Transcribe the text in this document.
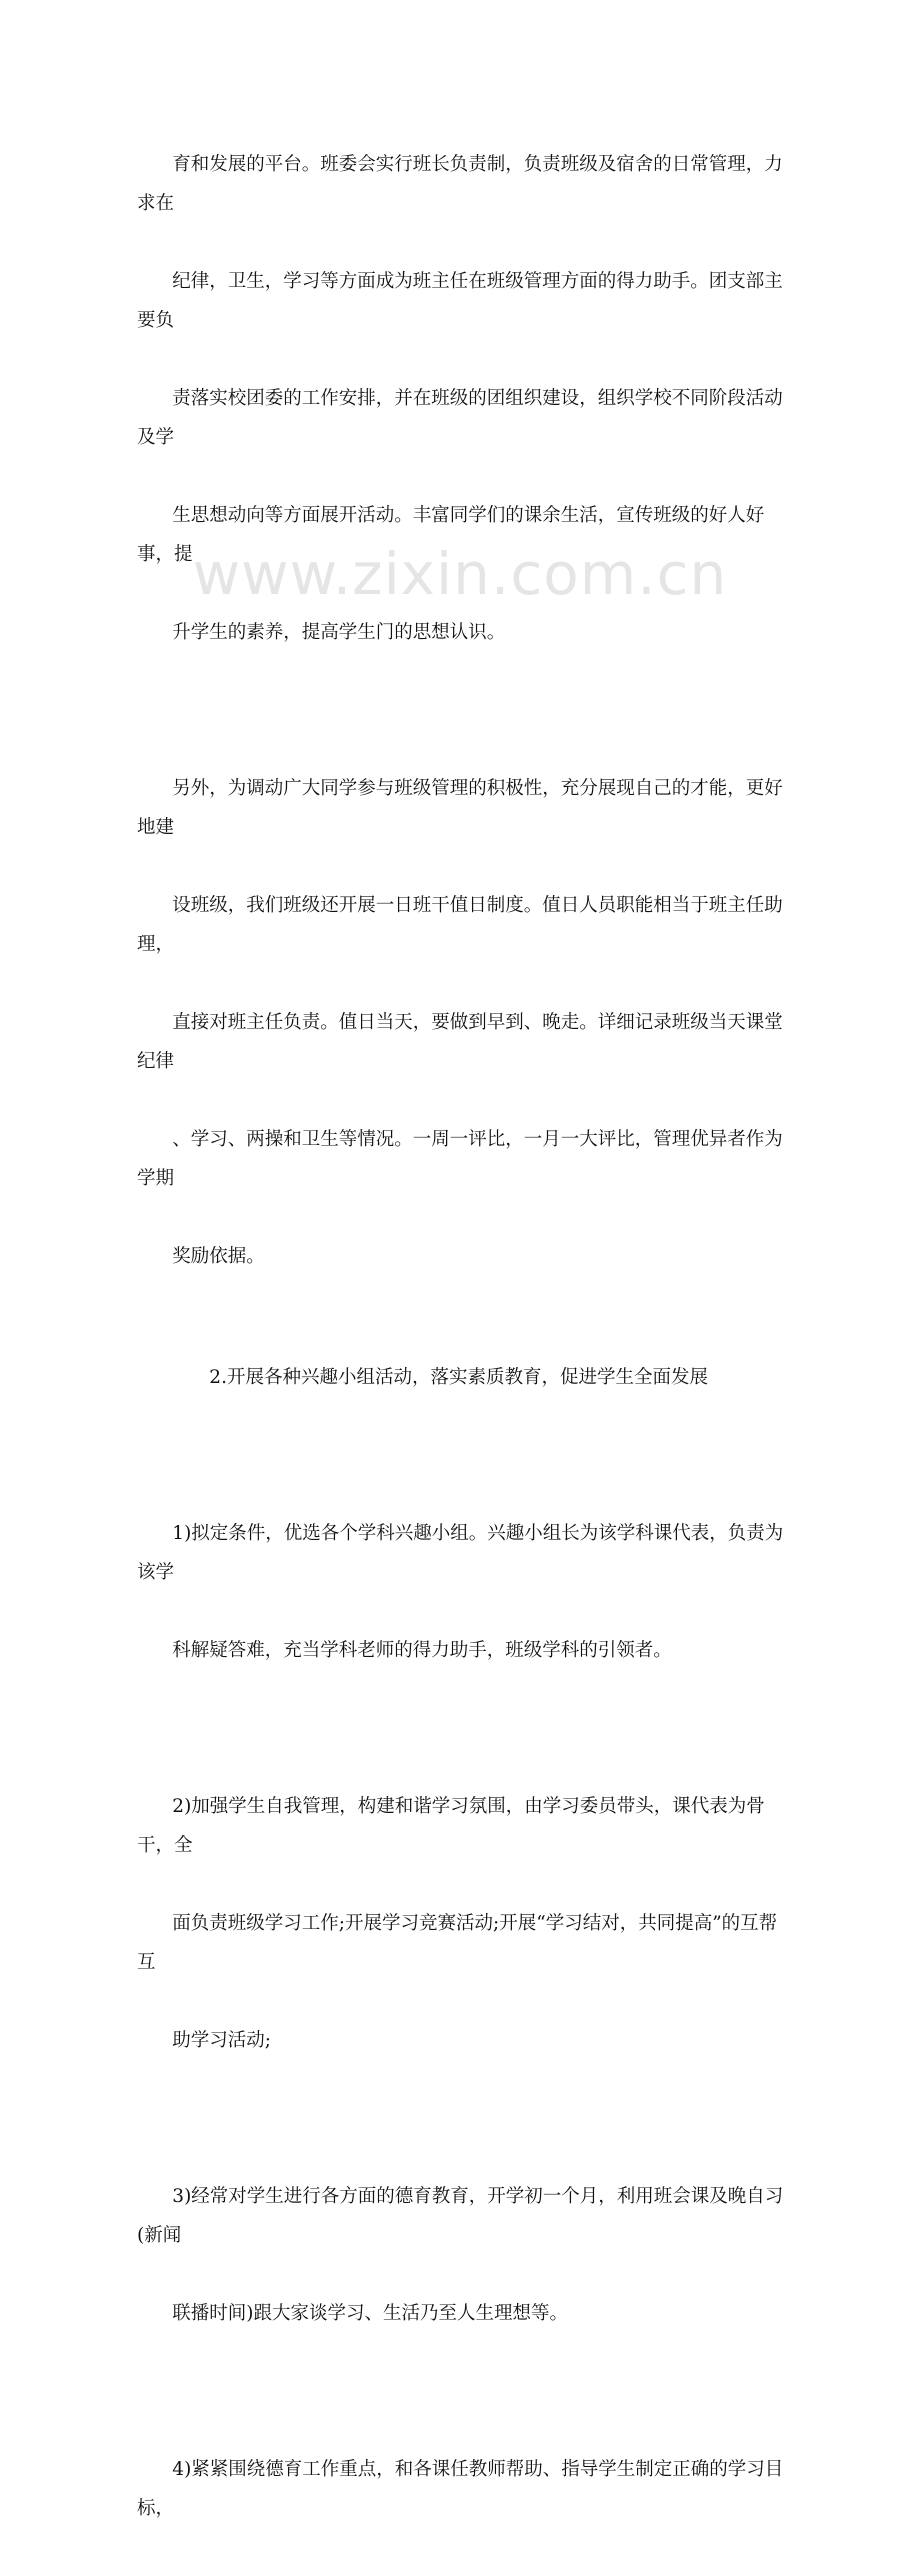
育和发展的平台。班委会实行班长负责制，负责班级及宿舍的日常管理，力求在

纪律，卫生，学习等方面成为班主任在班级管理方面的得力助手。团支部主要负

责落实校团委的工作安排，并在班级的团组织建设，组织学校不同阶段活动及学

生思想动向等方面展开活动。丰富同学们的课余生活，宣传班级的好人好事，提

升学生的素养，提高学生门的思想认识。

另外，为调动广大同学参与班级管理的积极性，充分展现自己的才能，更好地建

设班级，我们班级还开展一日班干值日制度。值日人员职能相当于班主任助理，

直接对班主任负责。值日当天，要做到早到、晚走。详细记录班级当天课堂纪律

、学习、两操和卫生等情况。一周一评比，一月一大评比，管理优异者作为学期

奖励依据。

2.开展各种兴趣小组活动，落实素质教育，促进学生全面发展

1)拟定条件，优选各个学科兴趣小组。兴趣小组长为该学科课代表，负责为该学

科解疑答难，充当学科老师的得力助手，班级学科的引领者。

2)加强学生自我管理，构建和谐学习氛围，由学习委员带头，课代表为骨干，全

面负责班级学习工作;开展学习竞赛活动;开展“学习结对，共同提高”的互帮互

助学习活动;

3)经常对学生进行各方面的德育教育，开学初一个月，利用班会课及晚自习(新闻

联播时间)跟大家谈学习、生活乃至人生理想等。

4)紧紧围绕德育工作重点，和各课任教师帮助、指导学生制定正确的学习目标，

www.zixin.com.cn
